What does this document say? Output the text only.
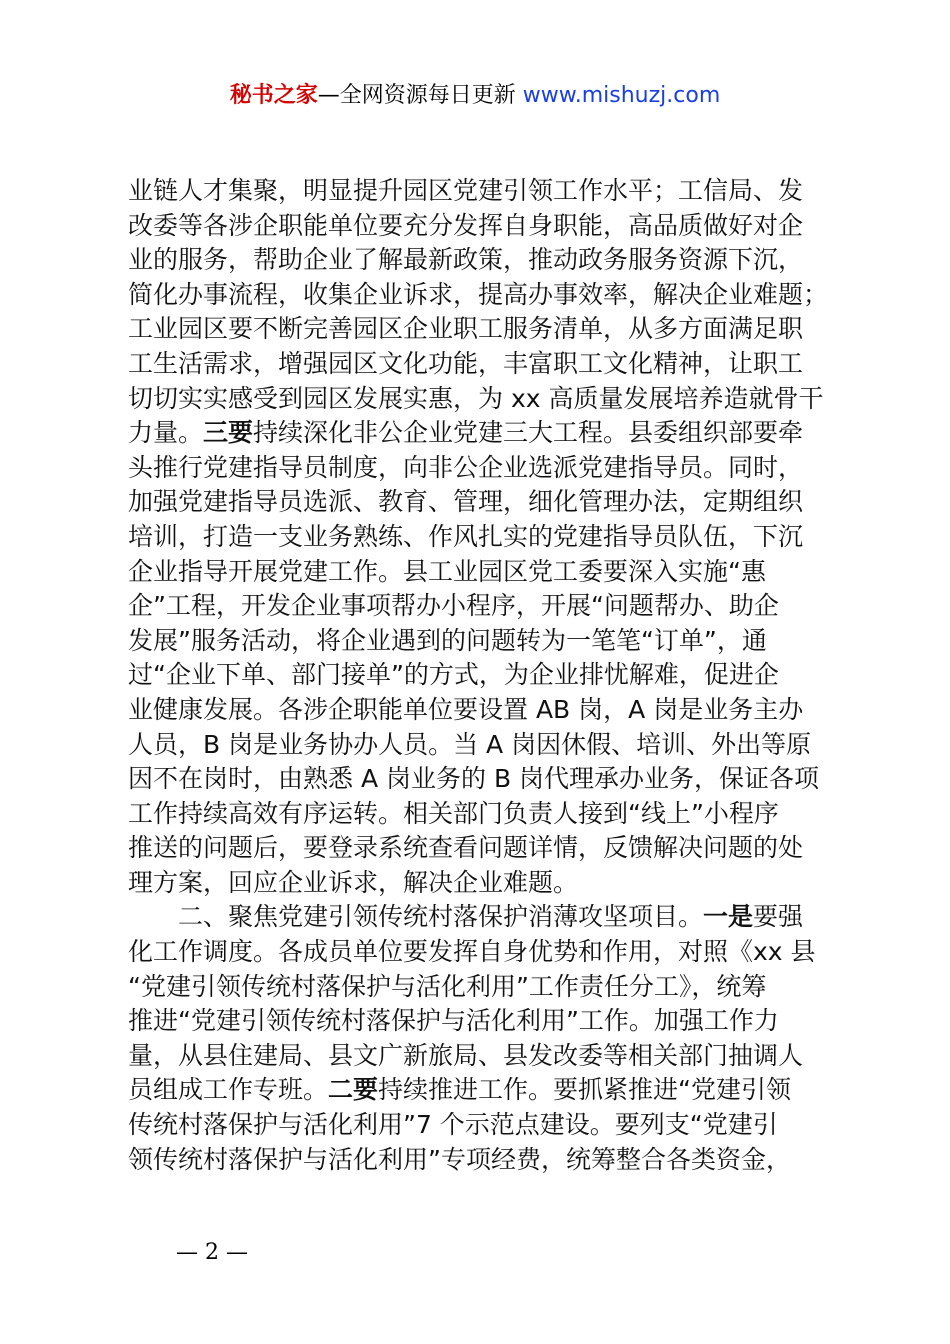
秘书之家—全网资源每日更新 www.mishuzj.com
业链人才集聚，明显提升园区党建引领工作水平；工信局、发
改委等各涉企职能单位要充分发挥自身职能，高品质做好对企
业的服务，帮助企业了解最新政策，推动政务服务资源下沉，
简化办事流程，收集企业诉求，提高办事效率，解决企业难题；
工业园区要不断完善园区企业职工服务清单，从多方面满足职
工生活需求，增强园区文化功能，丰富职工文化精神，让职工
切切实实感受到园区发展实惠，为 xx 高质量发展培养造就骨干
力量。三要持续深化非公企业党建三大工程。县委组织部要牵
头推行党建指导员制度，向非公企业选派党建指导员。同时，
加强党建指导员选派、教育、管理，细化管理办法，定期组织
培训，打造一支业务熟练、作风扎实的党建指导员队伍，下沉
企业指导开展党建工作。县工业园区党工委要深入实施“惠
企”工程，开发企业事项帮办小程序，开展“问题帮办、助企
发展”服务活动，将企业遇到的问题转为一笔笔“订单”，通
过“企业下单、部门接单”的方式，为企业排忧解难，促进企
业健康发展。各涉企职能单位要设置 AB 岗，A 岗是业务主办
人员，B 岗是业务协办人员。当 A 岗因休假、培训、外出等原
因不在岗时，由熟悉 A 岗业务的 B 岗代理承办业务，保证各项
工作持续高效有序运转。相关部门负责人接到“线上”小程序
推送的问题后，要登录系统查看问题详情，反馈解决问题的处
理方案，回应企业诉求，解决企业难题。
二、聚焦党建引领传统村落保护消薄攻坚项目。一是要强
化工作调度。各成员单位要发挥自身优势和作用，对照《xx 县
“党建引领传统村落保护与活化利用”工作责任分工》，统筹
推进“党建引领传统村落保护与活化利用”工作。加强工作力
量，从县住建局、县文广新旅局、县发改委等相关部门抽调人
员组成工作专班。二要持续推进工作。要抓紧推进“党建引领
传统村落保护与活化利用”7 个示范点建设。要列支“党建引
领传统村落保护与活化利用”专项经费，统筹整合各类资金，
— 2 —
